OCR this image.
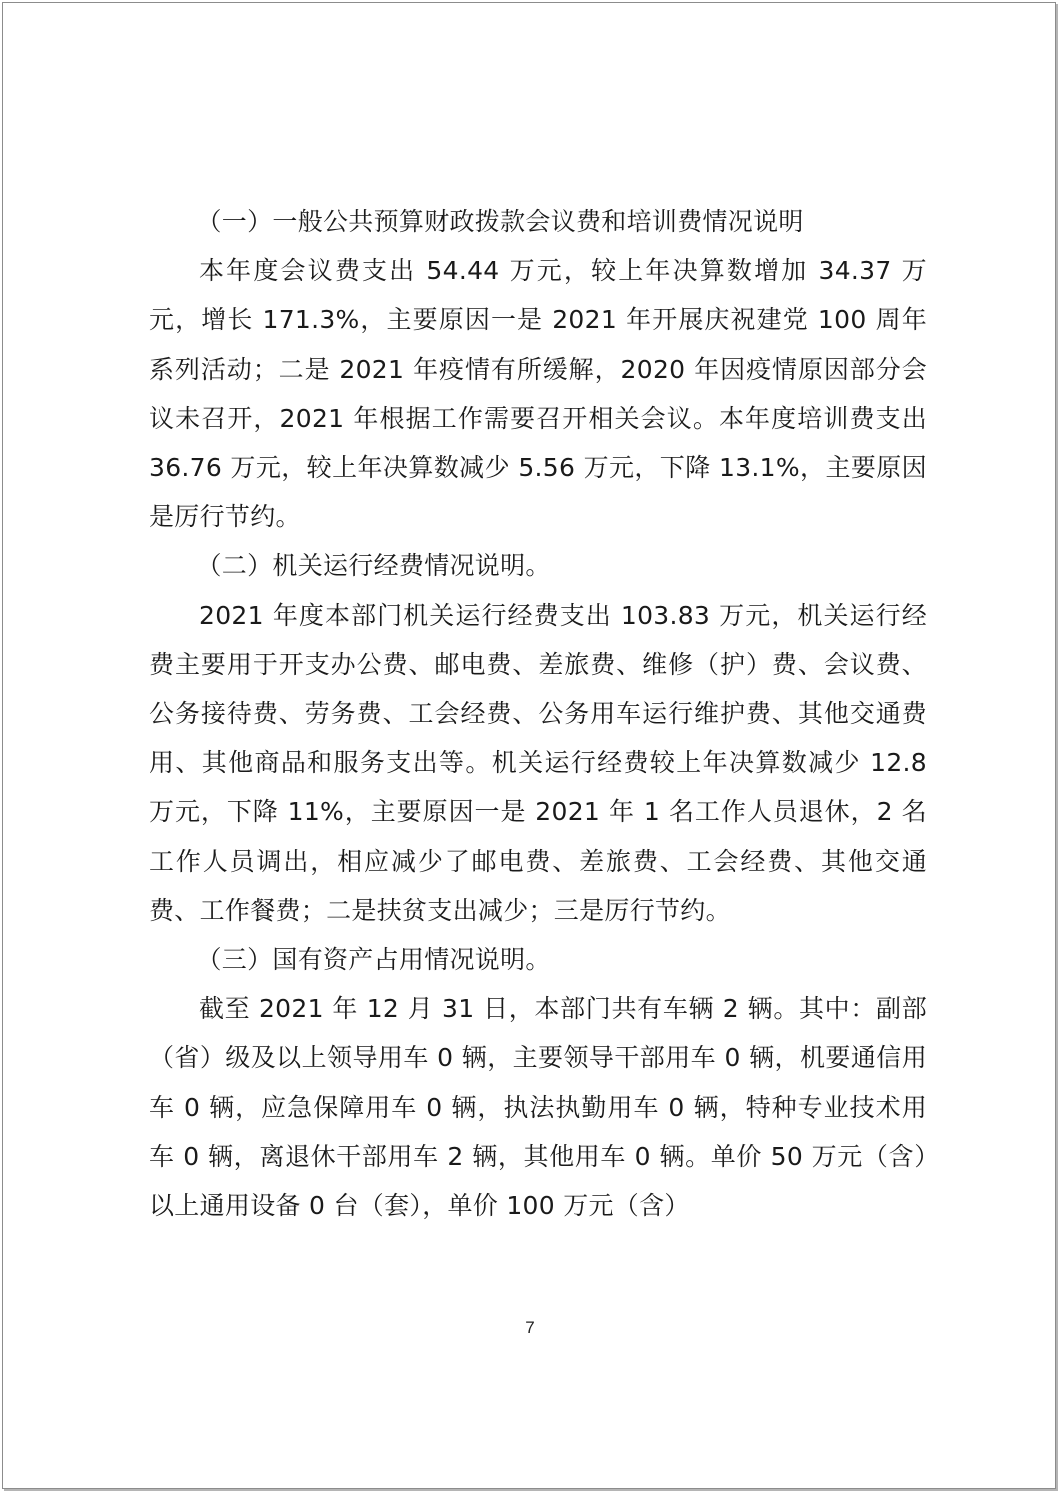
（一）一般公共预算财政拨款会议费和培训费情况说明

本年度会议费支出 54.44 万元，较上年决算数增加 34.37 万元，增长 171.3%，主要原因一是 2021 年开展庆祝建党 100 周年系列活动；二是 2021 年疫情有所缓解，2020 年因疫情原因部分会议未召开，2021 年根据工作需要召开相关会议。本年度培训费支出 36.76 万元，较上年决算数减少 5.56 万元，下降 13.1%，主要原因是厉行节约。

（二）机关运行经费情况说明。

2021 年度本部门机关运行经费支出 103.83 万元，机关运行经费主要用于开支办公费、邮电费、差旅费、维修（护）费、会议费、公务接待费、劳务费、工会经费、公务用车运行维护费、其他交通费用、其他商品和服务支出等。机关运行经费较上年决算数减少 12.8 万元，下降 11%，主要原因一是 2021 年 1 名工作人员退休，2 名工作人员调出，相应减少了邮电费、差旅费、工会经费、其他交通费、工作餐费；二是扶贫支出减少；三是厉行节约。

（三）国有资产占用情况说明。

截至 2021 年 12 月 31 日，本部门共有车辆 2 辆。其中：副部（省）级及以上领导用车 0 辆，主要领导干部用车 0 辆，机要通信用车 0 辆，应急保障用车 0 辆，执法执勤用车 0 辆，特种专业技术用车 0 辆，离退休干部用车 2 辆，其他用车 0 辆。单价 50 万元（含）以上通用设备 0 台（套），单价 100 万元（含）

7
